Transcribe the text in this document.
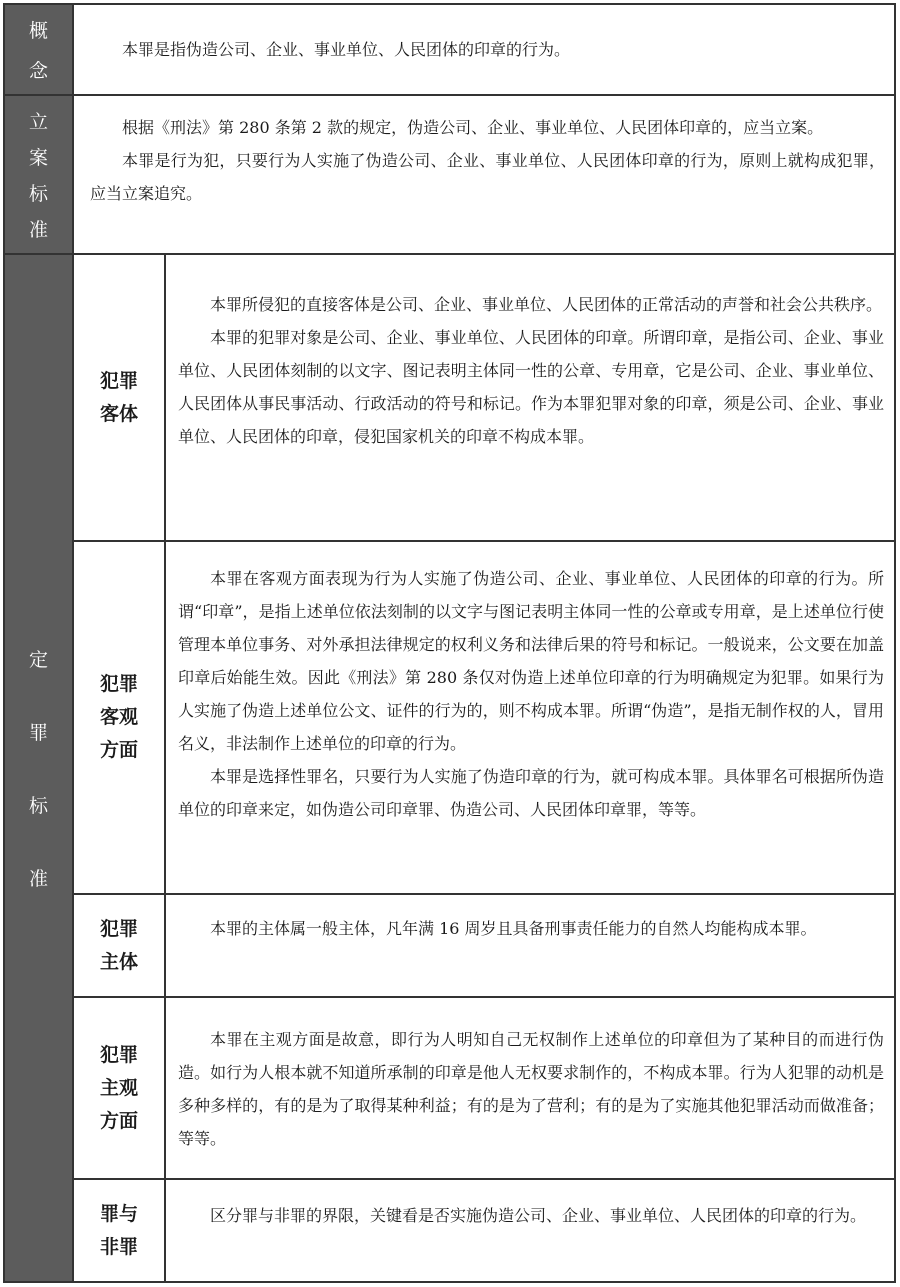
概
念
立
案
标
准
定
罪
标
准

本罪是指伪造公司、企业、事业单位、人民团体的印章的行为。

根据《刑法》第 280 条第 2 款的规定，伪造公司、企业、事业单位、人民团体印章的，应当立案。

本罪是行为犯，只要行为人实施了伪造公司、企业、事业单位、人民团体印章的行为，原则上就构成犯罪，应当立案追究。

犯罪
客体

本罪所侵犯的直接客体是公司、企业、事业单位、人民团体的正常活动的声誉和社会公共秩序。

本罪的犯罪对象是公司、企业、事业单位、人民团体的印章。所谓印章，是指公司、企业、事业单位、人民团体刻制的以文字、图记表明主体同一性的公章、专用章，它是公司、企业、事业单位、人民团体从事民事活动、行政活动的符号和标记。作为本罪犯罪对象的印章，须是公司、企业、事业单位、人民团体的印章，侵犯国家机关的印章不构成本罪。

犯罪
客观
方面

本罪在客观方面表现为行为人实施了伪造公司、企业、事业单位、人民团体的印章的行为。所谓“印章”，是指上述单位依法刻制的以文字与图记表明主体同一性的公章或专用章，是上述单位行使管理本单位事务、对外承担法律规定的权利义务和法律后果的符号和标记。一般说来，公文要在加盖印章后始能生效。因此《刑法》第 280 条仅对伪造上述单位印章的行为明确规定为犯罪。如果行为人实施了伪造上述单位公文、证件的行为的，则不构成本罪。所谓“伪造”，是指无制作权的人，冒用名义，非法制作上述单位的印章的行为。

本罪是选择性罪名，只要行为人实施了伪造印章的行为，就可构成本罪。具体罪名可根据所伪造单位的印章来定，如伪造公司印章罪、伪造公司、人民团体印章罪，等等。

犯罪
主体

本罪的主体属一般主体，凡年满 16 周岁且具备刑事责任能力的自然人均能构成本罪。

犯罪
主观
方面

本罪在主观方面是故意，即行为人明知自己无权制作上述单位的印章但为了某种目的而进行伪造。如行为人根本就不知道所承制的印章是他人无权要求制作的，不构成本罪。行为人犯罪的动机是多种多样的，有的是为了取得某种利益；有的是为了营利；有的是为了实施其他犯罪活动而做准备；等等。

罪与
非罪

区分罪与非罪的界限，关键看是否实施伪造公司、企业、事业单位、人民团体的印章的行为。
